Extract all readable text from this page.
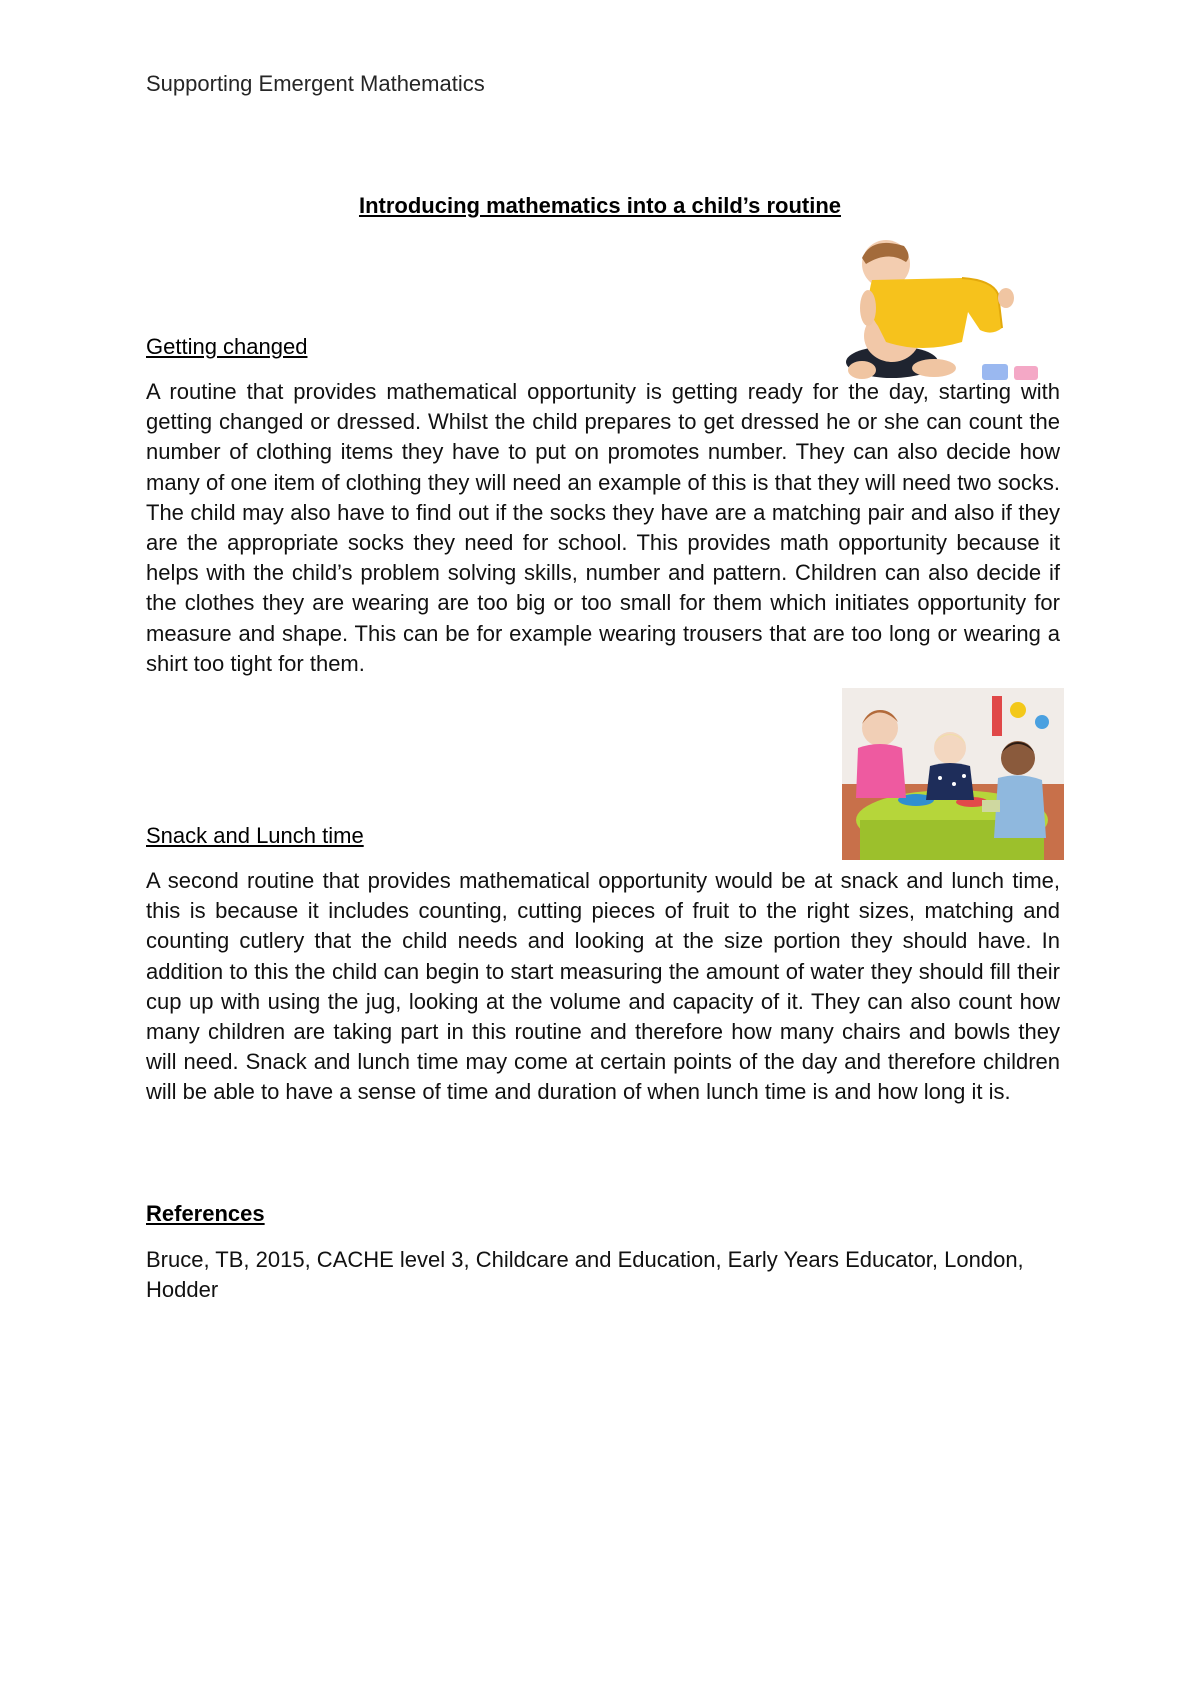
Supporting Emergent Mathematics
Introducing mathematics into a child’s routine
Getting changed

A routine that provides mathematical opportunity is getting ready for the day, starting with getting changed or dressed. Whilst the child prepares to get dressed he or she can count the number of clothing items they have to put on promotes number. They can also decide how many of one item of clothing they will need an example of this is that they will need two socks. The child may also have to find out if the socks they have are a matching pair and also if they are the appropriate socks they need for school. This provides math opportunity because it helps with the child’s problem solving skills, number and pattern. Children can also decide if the clothes they are wearing are too big or too small for them which initiates opportunity for measure and shape. This can be for example wearing trousers that are too long or wearing a shirt too tight for them.

Snack and Lunch time

A second routine that provides mathematical opportunity would be at snack and lunch time, this is because it includes counting, cutting pieces of fruit to the right sizes, matching and counting cutlery that the child needs and looking at the size portion they should have. In addition to this the child can begin to start measuring the amount of water they should fill their cup up with using the jug, looking at the volume and capacity of it. They can also count how many children are taking part in this routine and therefore how many chairs and bowls they will need. Snack and lunch time may come at certain points of the day and therefore children will be able to have a sense of time and duration of when lunch time is and how long it is.

References

Bruce, TB, 2015, CACHE level 3, Childcare and Education, Early Years Educator, London, Hodder
